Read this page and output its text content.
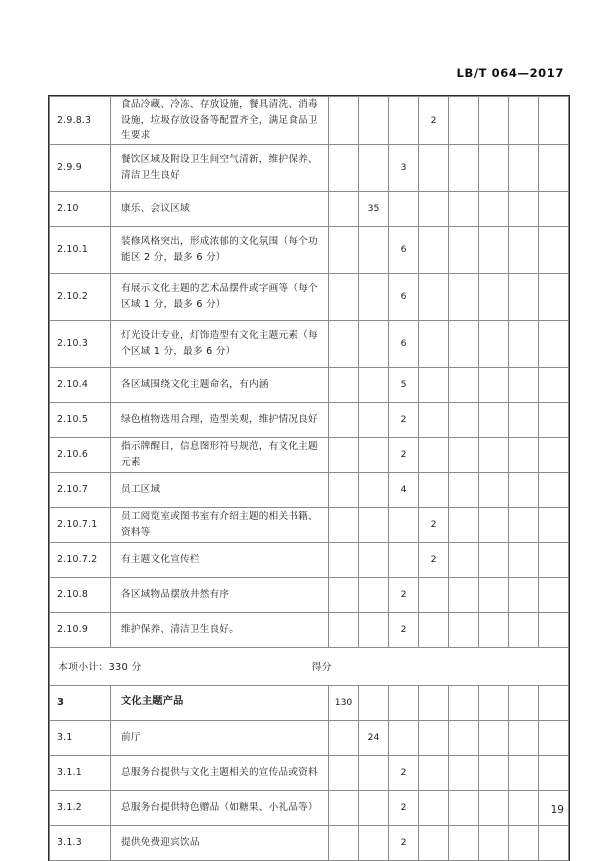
LB/T 064—2017
2.9.8.3	食品冷藏、冷冻、存放设施，餐具清洗、消毒设施，垃圾存放设备等配置齐全，满足食品卫生要求				2				

2.9.9	餐饮区域及附设卫生间空气清新，维护保养、清洁卫生良好			3					

2.10	康乐、会议区域		35						

2.10.1	装修风格突出，形成浓郁的文化氛围（每个功能区 2 分，最多 6 分）			6					

2.10.2	有展示文化主题的艺术品摆件或字画等（每个区域 1 分，最多 6 分）			6					

2.10.3	灯光设计专业，灯饰造型有文化主题元素（每个区域 1 分，最多 6 分）			6					

2.10.4	各区域围绕文化主题命名，有内涵			5					

2.10.5	绿色植物选用合理，造型美观，维护情况良好			2					

2.10.6	指示牌醒目，信息图形符号规范，有文化主题元素			2					

2.10.7	员工区域			4					

2.10.7.1	员工阅览室或图书室有介绍主题的相关书籍、资料等				2				

2.10.7.2	有主题文化宣传栏				2				

2.10.8	各区域物品摆放井然有序			2					

2.10.9	维护保养、清洁卫生良好。			2					

本项小计：330 分 得分									

3	文化主题产品	130							

3.1	前厅		24						

3.1.1	总服务台提供与文化主题相关的宣传品或资料			2					

3.1.2	总服务台提供特色赠品（如糖果、小礼品等）			2					

3.1.3	提供免费迎宾饮品			2					
19
